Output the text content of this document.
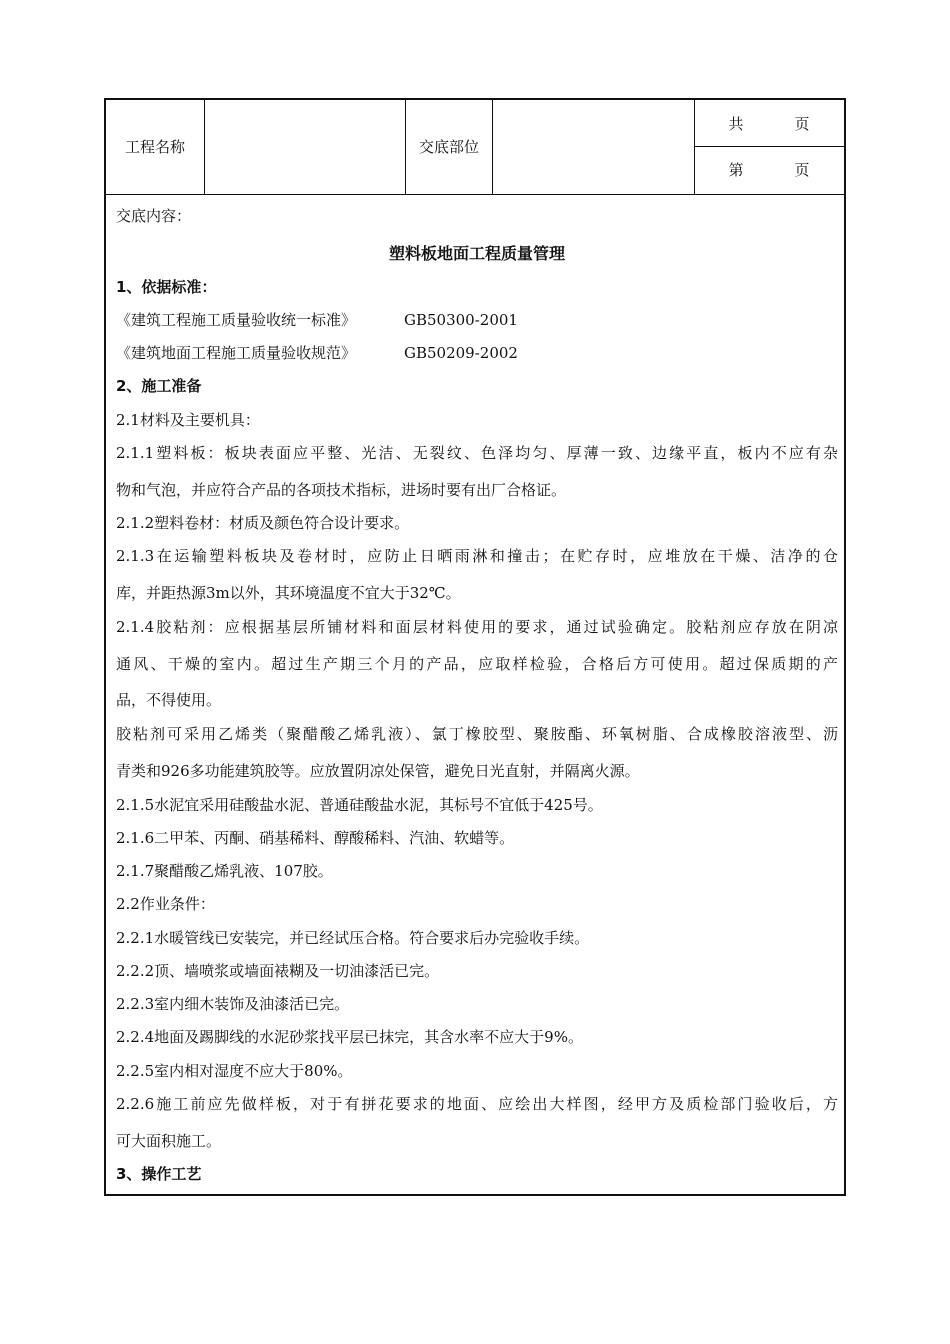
工程名称	交底部位
共	页
第	页
交底内容：
塑料板地面工程质量管理
1、依据标准：
《建筑工程施工质量验收统一标准》	GB50300-2001
《建筑地面工程施工质量验收规范》	GB50209-2002
2、施工准备
2.1材料及主要机具：
2.1.1塑料板：板块表面应平整、光洁、无裂纹、色泽均匀、厚薄一致、边缘平直，板内不应有杂
物和气泡，并应符合产品的各项技术指标，进场时要有出厂合格证。
2.1.2塑料卷材：材质及颜色符合设计要求。
2.1.3在运输塑料板块及卷材时，应防止日晒雨淋和撞击；在贮存时，应堆放在干燥、洁净的仓
库，并距热源3m以外，其环境温度不宜大于32℃。
2.1.4胶粘剂：应根据基层所铺材料和面层材料使用的要求，通过试验确定。胶粘剂应存放在阴凉
通风、干燥的室内。超过生产期三个月的产品，应取样检验，合格后方可使用。超过保质期的产
品，不得使用。
胶粘剂可采用乙烯类（聚醋酸乙烯乳液）、氯丁橡胶型、聚胺酯、环氧树脂、合成橡胶溶液型、沥
青类和926多功能建筑胶等。应放置阴凉处保管，避免日光直射，并隔离火源。
2.1.5水泥宜采用硅酸盐水泥、普通硅酸盐水泥，其标号不宜低于425号。
2.1.6二甲苯、丙酮、硝基稀料、醇酸稀料、汽油、软蜡等。
2.1.7聚醋酸乙烯乳液、107胶。
2.2作业条件：
2.2.1水暖管线已安装完，并已经试压合格。符合要求后办完验收手续。
2.2.2顶、墙喷浆或墙面裱糊及一切油漆活已完。
2.2.3室内细木装饰及油漆活已完。
2.2.4地面及踢脚线的水泥砂浆找平层已抹完，其含水率不应大于9%。
2.2.5室内相对湿度不应大于80%。
2.2.6施工前应先做样板，对于有拼花要求的地面、应绘出大样图，经甲方及质检部门验收后，方
可大面积施工。
3、操作工艺
